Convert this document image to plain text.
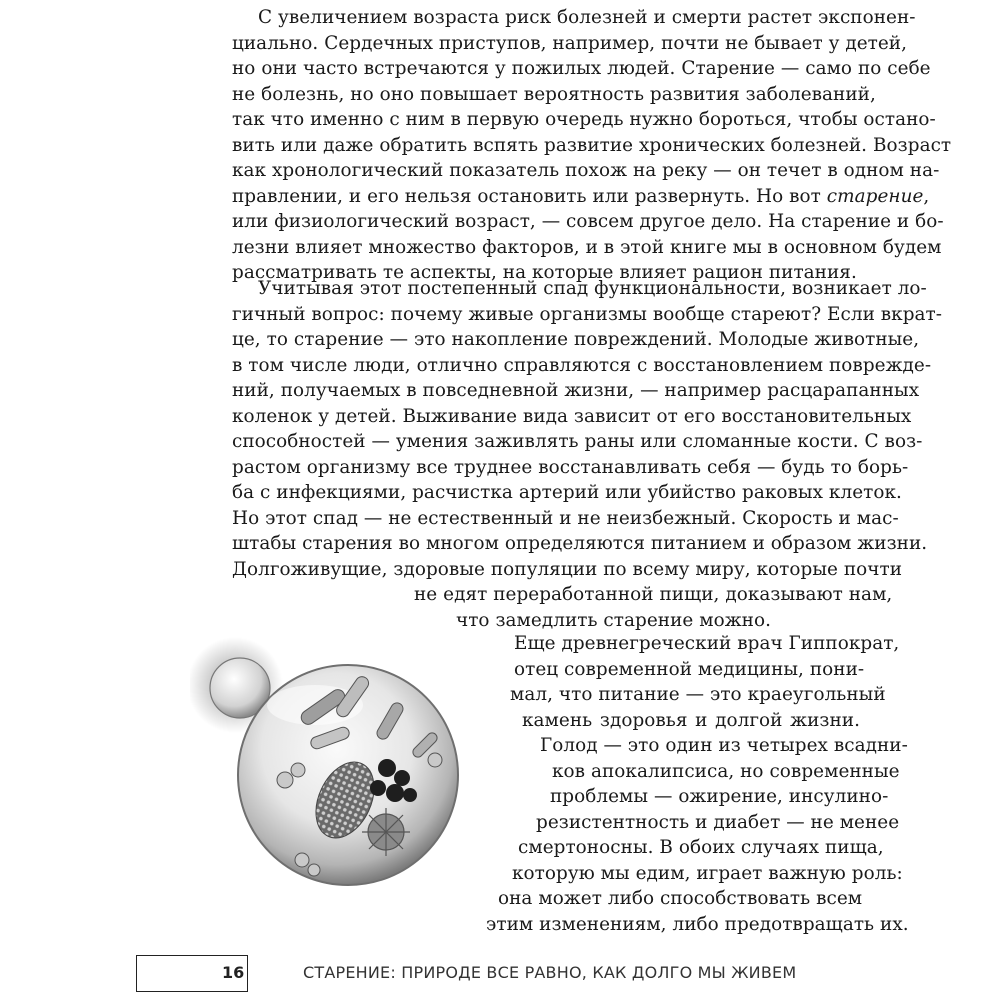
С увеличением возраста риск болезней и смерти растет экспонен-
циально. Сердечных приступов, например, почти не бывает у детей,
но они часто встречаются у пожилых людей. Старение — само по себе
не болезнь, но оно повышает вероятность развития заболеваний,
так что именно с ним в первую очередь нужно бороться, чтобы остано-
вить или даже обратить вспять развитие хронических болезней. Возраст
как хронологический показатель похож на реку — он течет в одном на-
правлении, и его нельзя остановить или развернуть. Но вот старение,
или физиологический возраст, — совсем другое дело. На старение и бо-
лезни влияет множество факторов, и в этой книге мы в основном будем
рассматривать те аспекты, на которые влияет рацион питания.
Учитывая этот постепенный спад функциональности, возникает ло-
гичный вопрос: почему живые организмы вообще стареют? Если вкрат-
це, то старение — это накопление повреждений. Молодые животные,
в том числе люди, отлично справляются с восстановлением поврежде-
ний, получаемых в повседневной жизни, — например расцарапанных
коленок у детей. Выживание вида зависит от его восстановительных
способностей — умения заживлять раны или сломанные кости. С воз-
растом организму все труднее восстанавливать себя — будь то борь-
ба с инфекциями, расчистка артерий или убийство раковых клеток.
Но этот спад — не естественный и не неизбежный. Скорость и мас-
штабы старения во многом определяются питанием и образом жизни.
Долгоживущие, здоровые популяции по всему миру, которые почти
не едят переработанной пищи, доказывают нам,
что замедлить старение можно.
Еще древнегреческий врач Гиппократ,
отец современной медицины, пони-
мал, что питание — это краеугольный
камень здоровья и долгой жизни.
Голод — это один из четырех всадни-
ков апокалипсиса, но современные
проблемы — ожирение, инсулино-
резистентность и диабет — не менее
смертоносны. В обоих случаях пища,
которую мы едим, играет важную роль:
она может либо способствовать всем
этим изменениям, либо предотвращать их.
16	СТАРЕНИЕ: ПРИРОДЕ ВСЕ РАВНО, КАК ДОЛГО МЫ ЖИВЕМ
